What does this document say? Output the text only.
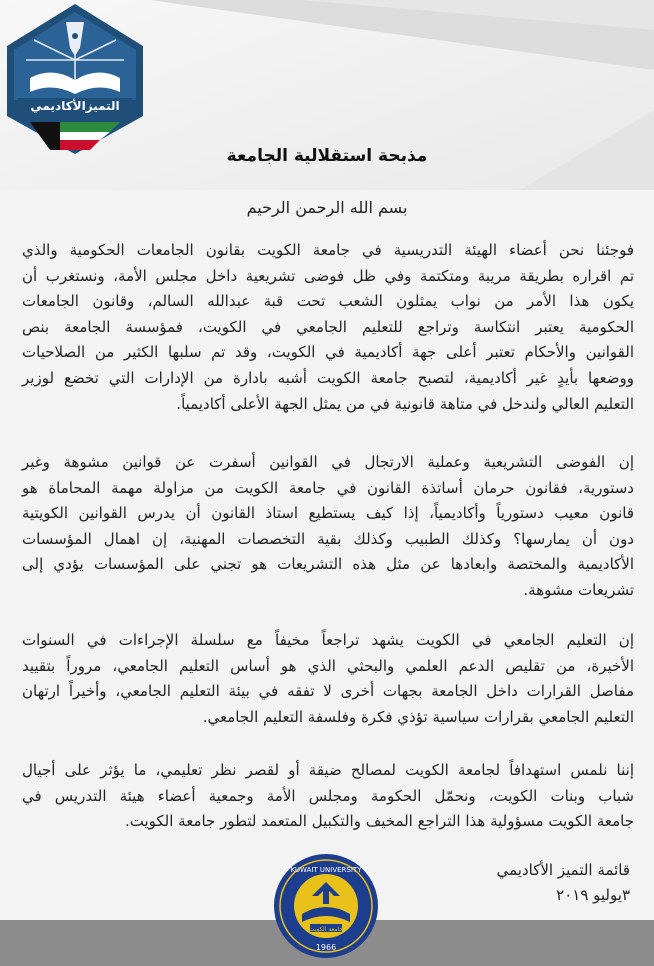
التميزالأكاديمي
مذبحة استقلالية الجامعة
بسم الله الرحمن الرحيم
فوجئنا نحن أعضاء الهيئة التدريسية في جامعة الكويت بقانون الجامعات الحكومية والذي
تم اقراره بطريقة مريبة ومتكتمة وفي ظل فوضى تشريعية داخل مجلس الأمة، ونستغرب أن
يكون هذا الأمر من نواب يمثلون الشعب تحت قبة عبدالله السالم، وقانون الجامعات
الحكومية يعتبر انتكاسة وتراجع للتعليم الجامعي في الكويت، فمؤسسة الجامعة بنص
القوانين والأحكام تعتبر أعلى جهة أكاديمية في الكويت، وقد تم سلبها الكثير من الصلاحيات
ووضعها بأيدٍ غير أكاديمية، لتصبح جامعة الكويت أشبه بادارة من الإدارات التي تخضع لوزير
التعليم العالي ولندخل في متاهة قانونية في من يمثل الجهة الأعلى أكاديمياً.
إن الفوضى التشريعية وعملية الارتجال في القوانين أسفرت عن قوانين مشوهة وغير
دستورية، فقانون حرمان أساتذة القانون في جامعة الكويت من مزاولة مهمة المحاماة هو
قانون معيب دستورياً وأكاديمياً، إذا كيف يستطيع استاذ القانون أن يدرس القوانين الكويتية
دون أن يمارسها؟ وكذلك الطبيب وكذلك بقية التخصصات المهنية، إن اهمال المؤسسات
الأكاديمية والمختصة وابعادها عن مثل هذه التشريعات هو تجني على المؤسسات يؤدي إلى
تشريعات مشوهة.
إن التعليم الجامعي في الكويت يشهد تراجعاً مخيفاً مع سلسلة الإجراءات في السنوات
الأخيرة، من تقليص الدعم العلمي والبحثي الذي هو أساس التعليم الجامعي، مروراً بتقييد
مفاصل القرارات داخل الجامعة بجهات أخرى لا تفقه في بيئة التعليم الجامعي، وأخيراً ارتهان
التعليم الجامعي بقرارات سياسية تؤذي فكرة وفلسفة التعليم الجامعي.
إننا نلمس استهدافاً لجامعة الكويت لمصالح ضيقة أو لقصر نظر تعليمي، ما يؤثر على أجيال
شباب وبنات الكويت، ونحمّل الحكومة ومجلس الأمة وجمعية أعضاء هيئة التدريس في
جامعة الكويت مسؤولية هذا التراجع المخيف والتكبيل المتعمد لتطور جامعة الكويت.
قائمة التميز الأكاديمي
٣يوليو ٢٠١٩
KUWAIT UNIVERSITY
جامعة الكويت
1966
